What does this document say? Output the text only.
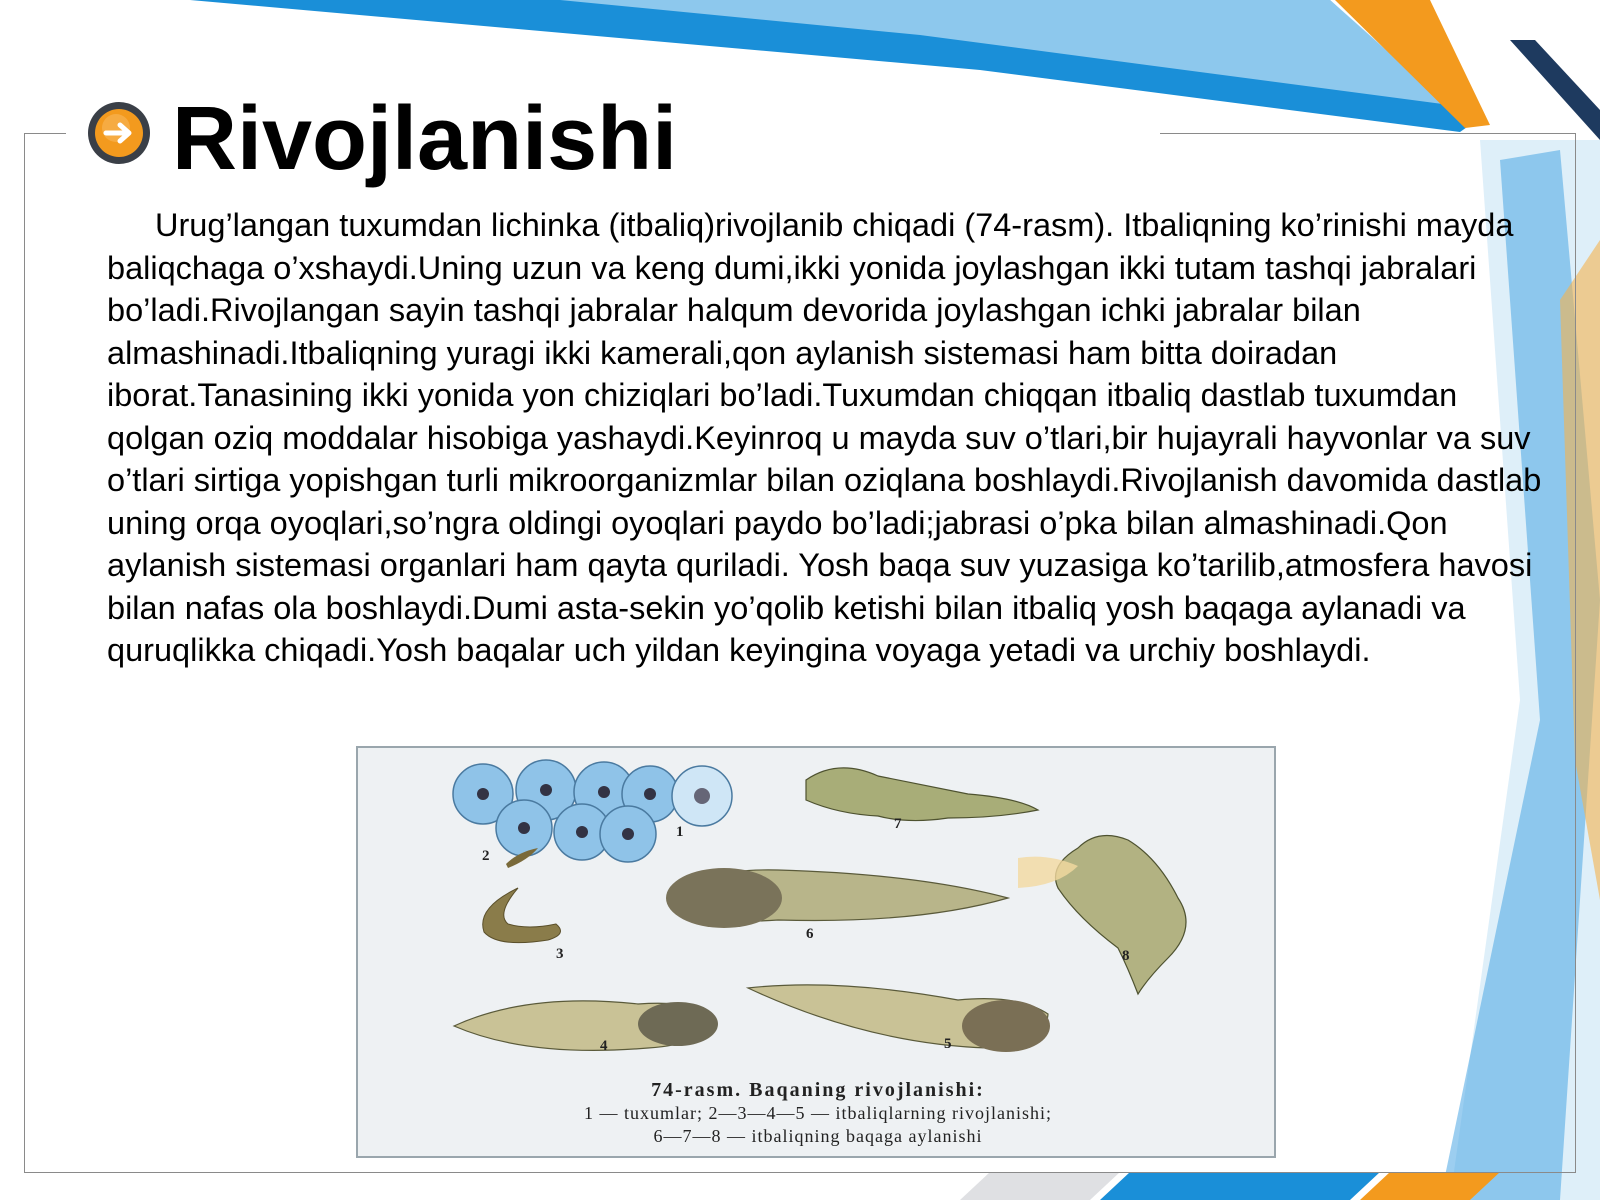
Rivojlanishi

Urug’langan tuxumdan lichinka (itbaliq)rivojlanib chiqadi (74-rasm). Itbaliqning ko’rinishi mayda baliqchaga o’xshaydi.Uning uzun va keng dumi,ikki yonida joylashgan ikki tutam tashqi jabralari bo’ladi.Rivojlangan sayin tashqi jabralar halqum devorida joylashgan ichki jabralar bilan almashinadi.Itbaliqning yuragi ikki kamerali,qon aylanish sistemasi ham bitta doiradan iborat.Tanasining ikki yonida yon chiziqlari bo’ladi.Tuxumdan chiqqan itbaliq dastlab tuxumdan qolgan oziq moddalar hisobiga yashaydi.Keyinroq u mayda suv o’tlari,bir hujayrali hayvonlar va suv o’tlari sirtiga yopishgan turli mikroorganizmlar bilan oziqlana boshlaydi.Rivojlanish davomida dastlab uning orqa oyoqlari,so’ngra oldingi oyoqlari paydo bo’ladi;jabrasi o’pka bilan almashinadi.Qon aylanish sistemasi organlari ham qayta quriladi. Yosh baqa suv yuzasiga ko’tarilib,atmosfera havosi bilan nafas ola boshlaydi.Dumi asta-sekin yo’qolib ketishi bilan itbaliq yosh baqaga aylanadi va quruqlikka chiqadi.Yosh baqalar uch yildan keyingina voyaga yetadi va urchiy boshlaydi.

1
2
3
4	5
6
7
8
74-rasm. Baqaning rivojlanishi:
1 — tuxumlar; 2—3—4—5 — itbaliqlarning rivojlanishi;
6—7—8 — itbaliqning baqaga aylanishi
